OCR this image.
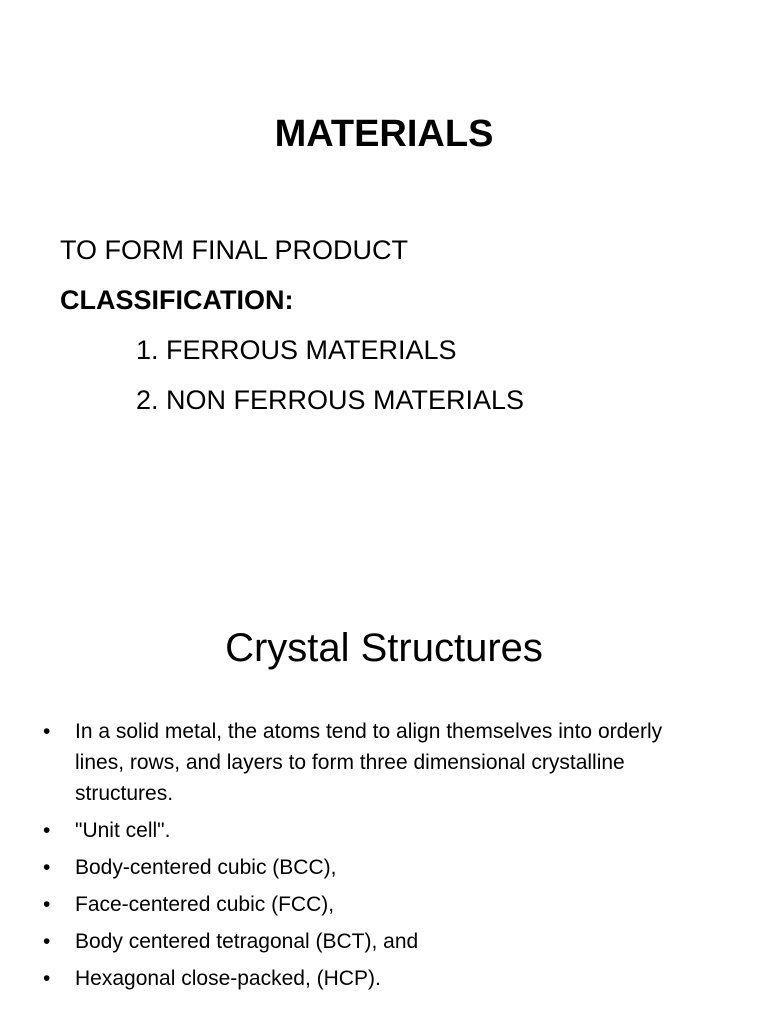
MATERIALS
TO FORM FINAL PRODUCT
CLASSIFICATION:
1. FERROUS MATERIALS
2. NON FERROUS MATERIALS
Crystal Structures
• In a solid metal, the atoms tend to align themselves into orderly lines, rows, and layers to form three dimensional crystalline structures.
• "Unit cell".
• Body-centered cubic (BCC),
• Face-centered cubic (FCC),
• Body centered tetragonal (BCT), and
• Hexagonal close-packed, (HCP).
